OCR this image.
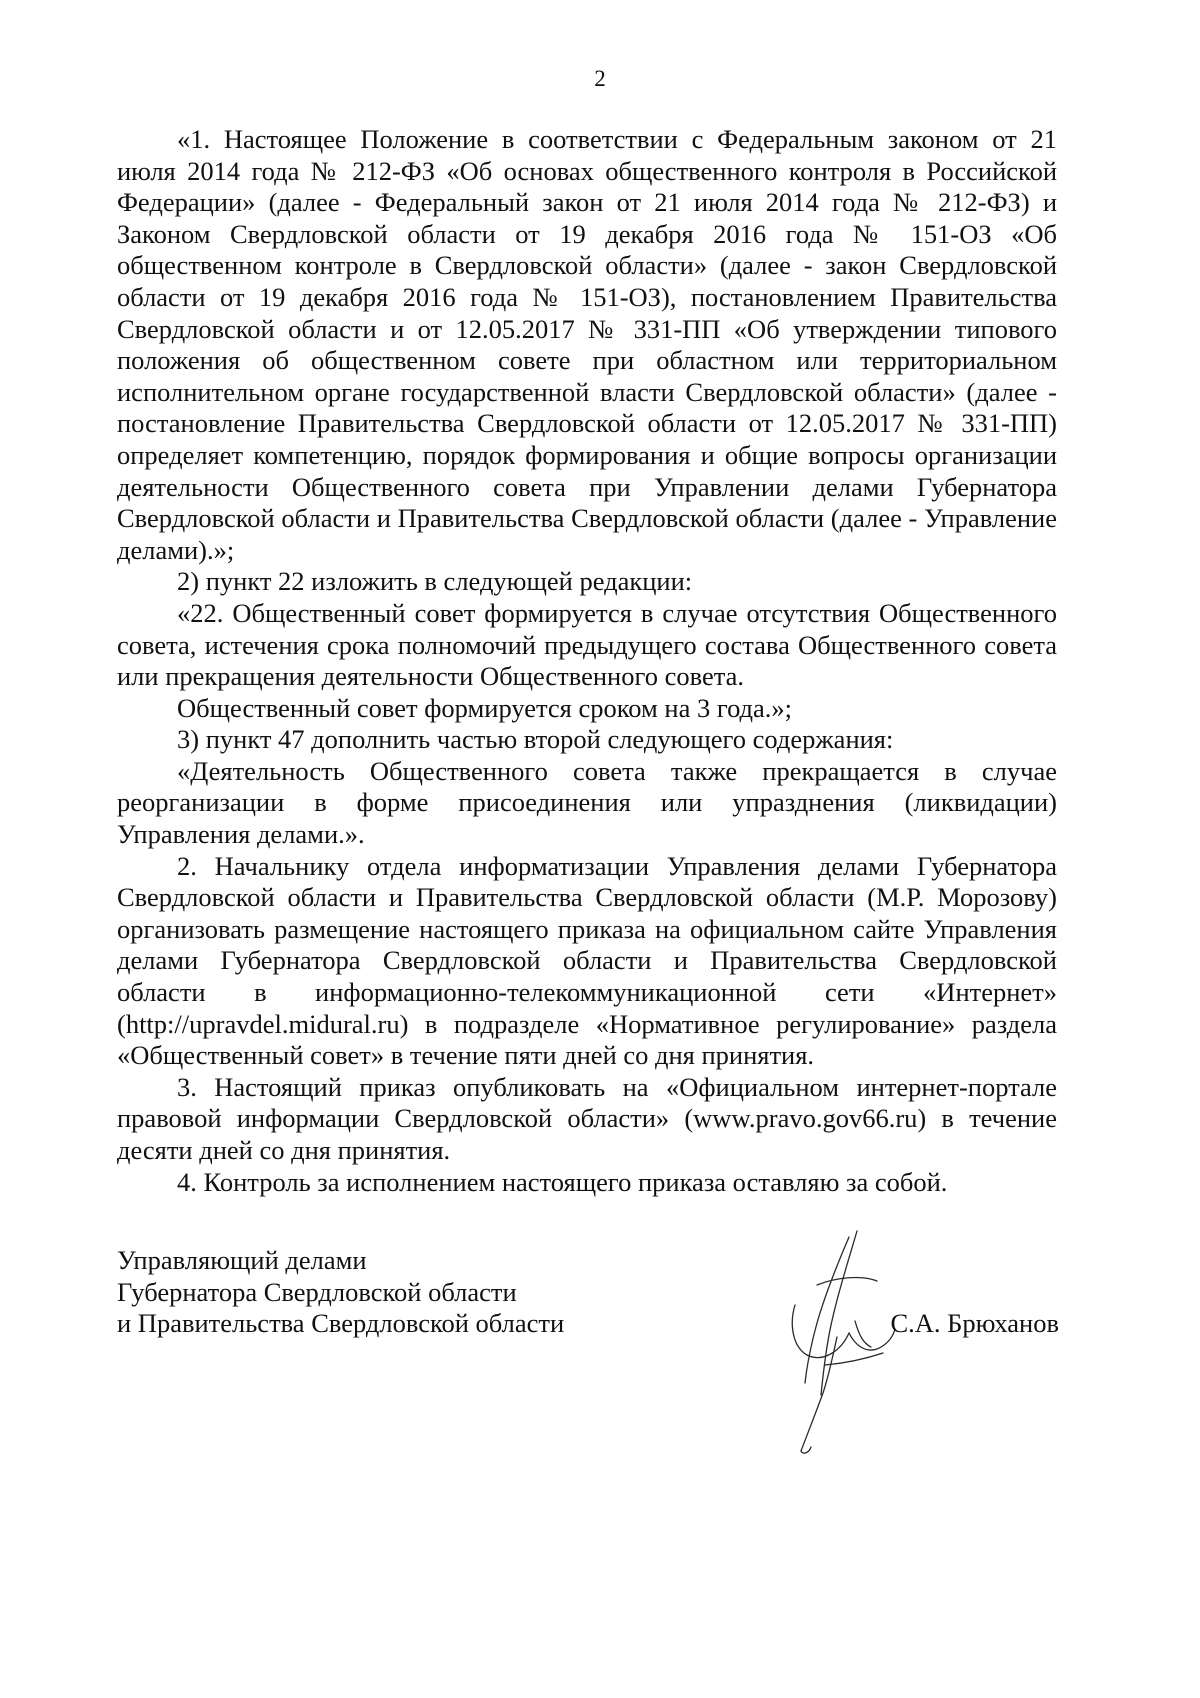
2

«1. Настоящее Положение в соответствии с Федеральным законом от 21 июля 2014 года № 212-ФЗ «Об основах общественного контроля в Российской Федерации» (далее - Федеральный закон от 21 июля 2014 года № 212-ФЗ) и Законом Свердловской области от 19 декабря 2016 года № 151-ОЗ «Об общественном контроле в Свердловской области» (далее - закон Свердловской области от 19 декабря 2016 года № 151-ОЗ), постановлением Правительства Свердловской области и от 12.05.2017 № 331-ПП «Об утверждении типового положения об общественном совете при областном или территориальном исполнительном органе государственной власти Свердловской области» (далее - постановление Правительства Свердловской области от 12.05.2017 № 331-ПП) определяет компетенцию, порядок формирования и общие вопросы организации деятельности Общественного совета при Управлении делами Губернатора Свердловской области и Правительства Свердловской области (далее - Управление делами).»;

2) пункт 22 изложить в следующей редакции:

«22. Общественный совет формируется в случае отсутствия Общественного совета, истечения срока полномочий предыдущего состава Общественного совета или прекращения деятельности Общественного совета.

Общественный совет формируется сроком на 3 года.»;

3) пункт 47 дополнить частью второй следующего содержания:

«Деятельность Общественного совета также прекращается в случае реорганизации в форме присоединения или упразднения (ликвидации) Управления делами.».

2. Начальнику отдела информатизации Управления делами Губернатора Свердловской области и Правительства Свердловской области (М.Р. Морозову) организовать размещение настоящего приказа на официальном сайте Управления делами Губернатора Свердловской области и Правительства Свердловской области в информационно-телекоммуникационной сети «Интернет» (http://upravdel.midural.ru) в подразделе «Нормативное регулирование» раздела «Общественный совет» в течение пяти дней со дня принятия.

3. Настоящий приказ опубликовать на «Официальном интернет-портале правовой информации Свердловской области» (www.pravo.gov66.ru) в течение десяти дней со дня принятия.

4. Контроль за исполнением настоящего приказа оставляю за собой.

Управляющий делами
Губернатора Свердловской области
и Правительства Свердловской области	С.А. Брюханов
